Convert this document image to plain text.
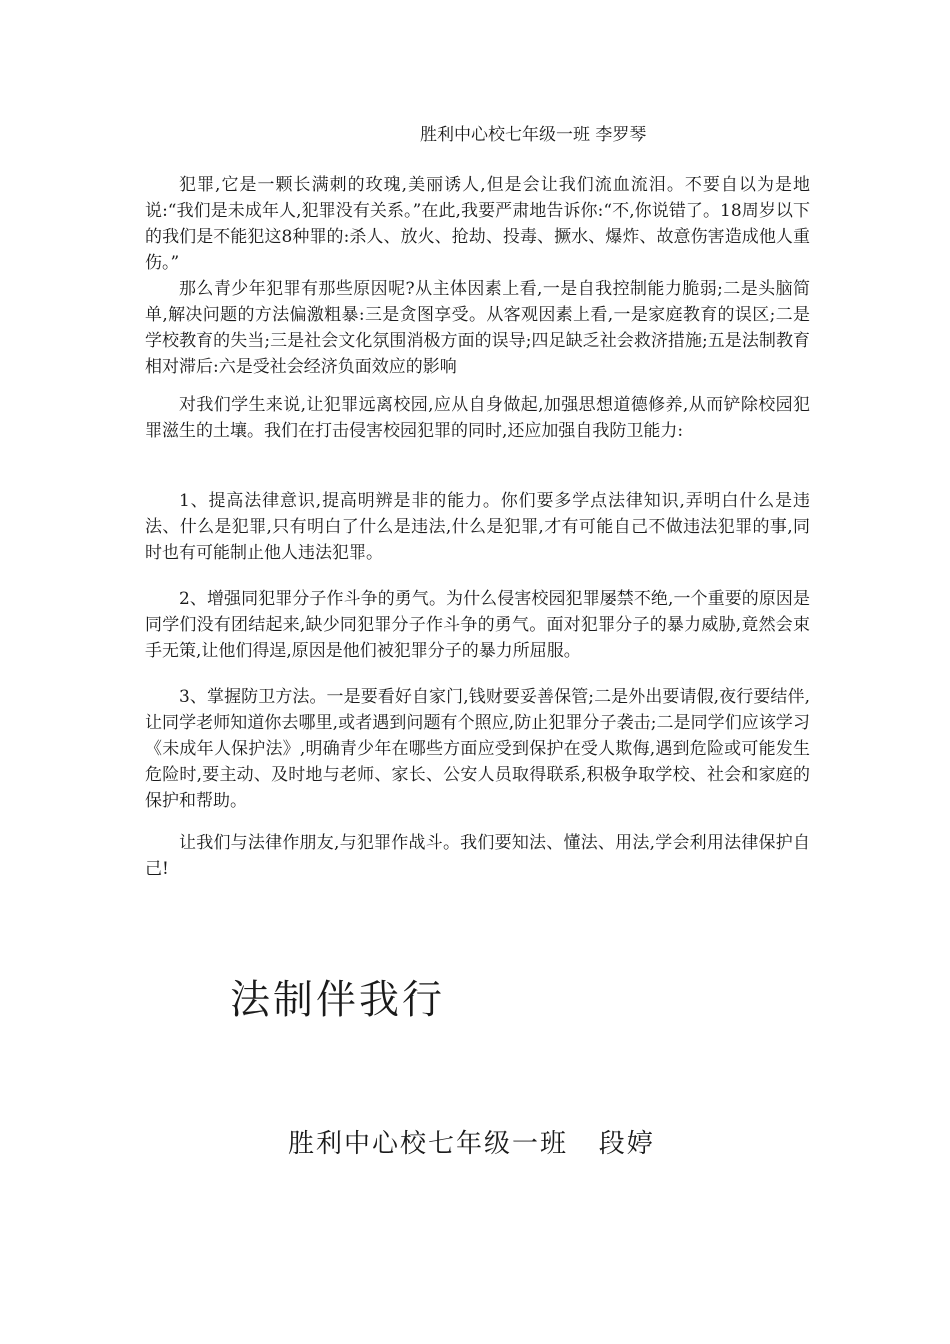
胜利中心校七年级一班 李罗琴

犯罪,它是一颗长满刺的玫瑰,美丽诱人,但是会让我们流血流泪。不要自以为是地说:“我们是未成年人,犯罪没有关系。”在此,我要严肃地告诉你:“不,你说错了。18周岁以下的我们是不能犯这8种罪的:杀人、放火、抢劫、投毒、撅水、爆炸、故意伤害造成他人重伤。”

那么青少年犯罪有那些原因呢?从主体因素上看,一是自我控制能力脆弱;二是头脑简单,解决问题的方法偏激粗暴:三是贪图享受。从客观因素上看,一是家庭教育的误区;二是学校教育的失当;三是社会文化氛围消极方面的误导;四足缺乏社会救济措施;五是法制教育相对滞后:六是受社会经济负面效应的影响

对我们学生来说,让犯罪远离校园,应从自身做起,加强思想道德修养,从而铲除校园犯罪滋生的土壤。我们在打击侵害校园犯罪的同时,还应加强自我防卫能力:

1、提高法律意识,提高明辨是非的能力。你们要多学点法律知识,弄明白什么是违法、什么是犯罪,只有明白了什么是违法,什么是犯罪,才有可能自己不做违法犯罪的事,同时也有可能制止他人违法犯罪。

2、增强同犯罪分子作斗争的勇气。为什么侵害校园犯罪屡禁不绝,一个重要的原因是同学们没有团结起来,缺少同犯罪分子作斗争的勇气。面对犯罪分子的暴力威胁,竟然会束手无策,让他们得逞,原因是他们被犯罪分子的暴力所屈服。

3、掌握防卫方法。一是要看好自家门,钱财要妥善保管;二是外出要请假,夜行要结伴,让同学老师知道你去哪里,或者遇到问题有个照应,防止犯罪分子袭击;二是同学们应该学习《未成年人保护法》,明确青少年在哪些方面应受到保护在受人欺侮,遇到危险或可能发生危险时,要主动、及时地与老师、家长、公安人员取得联系,积极争取学校、社会和家庭的保护和帮助。

让我们与法律作朋友,与犯罪作战斗。我们要知法、懂法、用法,学会利用法律保护自己!

法制伴我行
胜利中心校七年级一班   段婷
